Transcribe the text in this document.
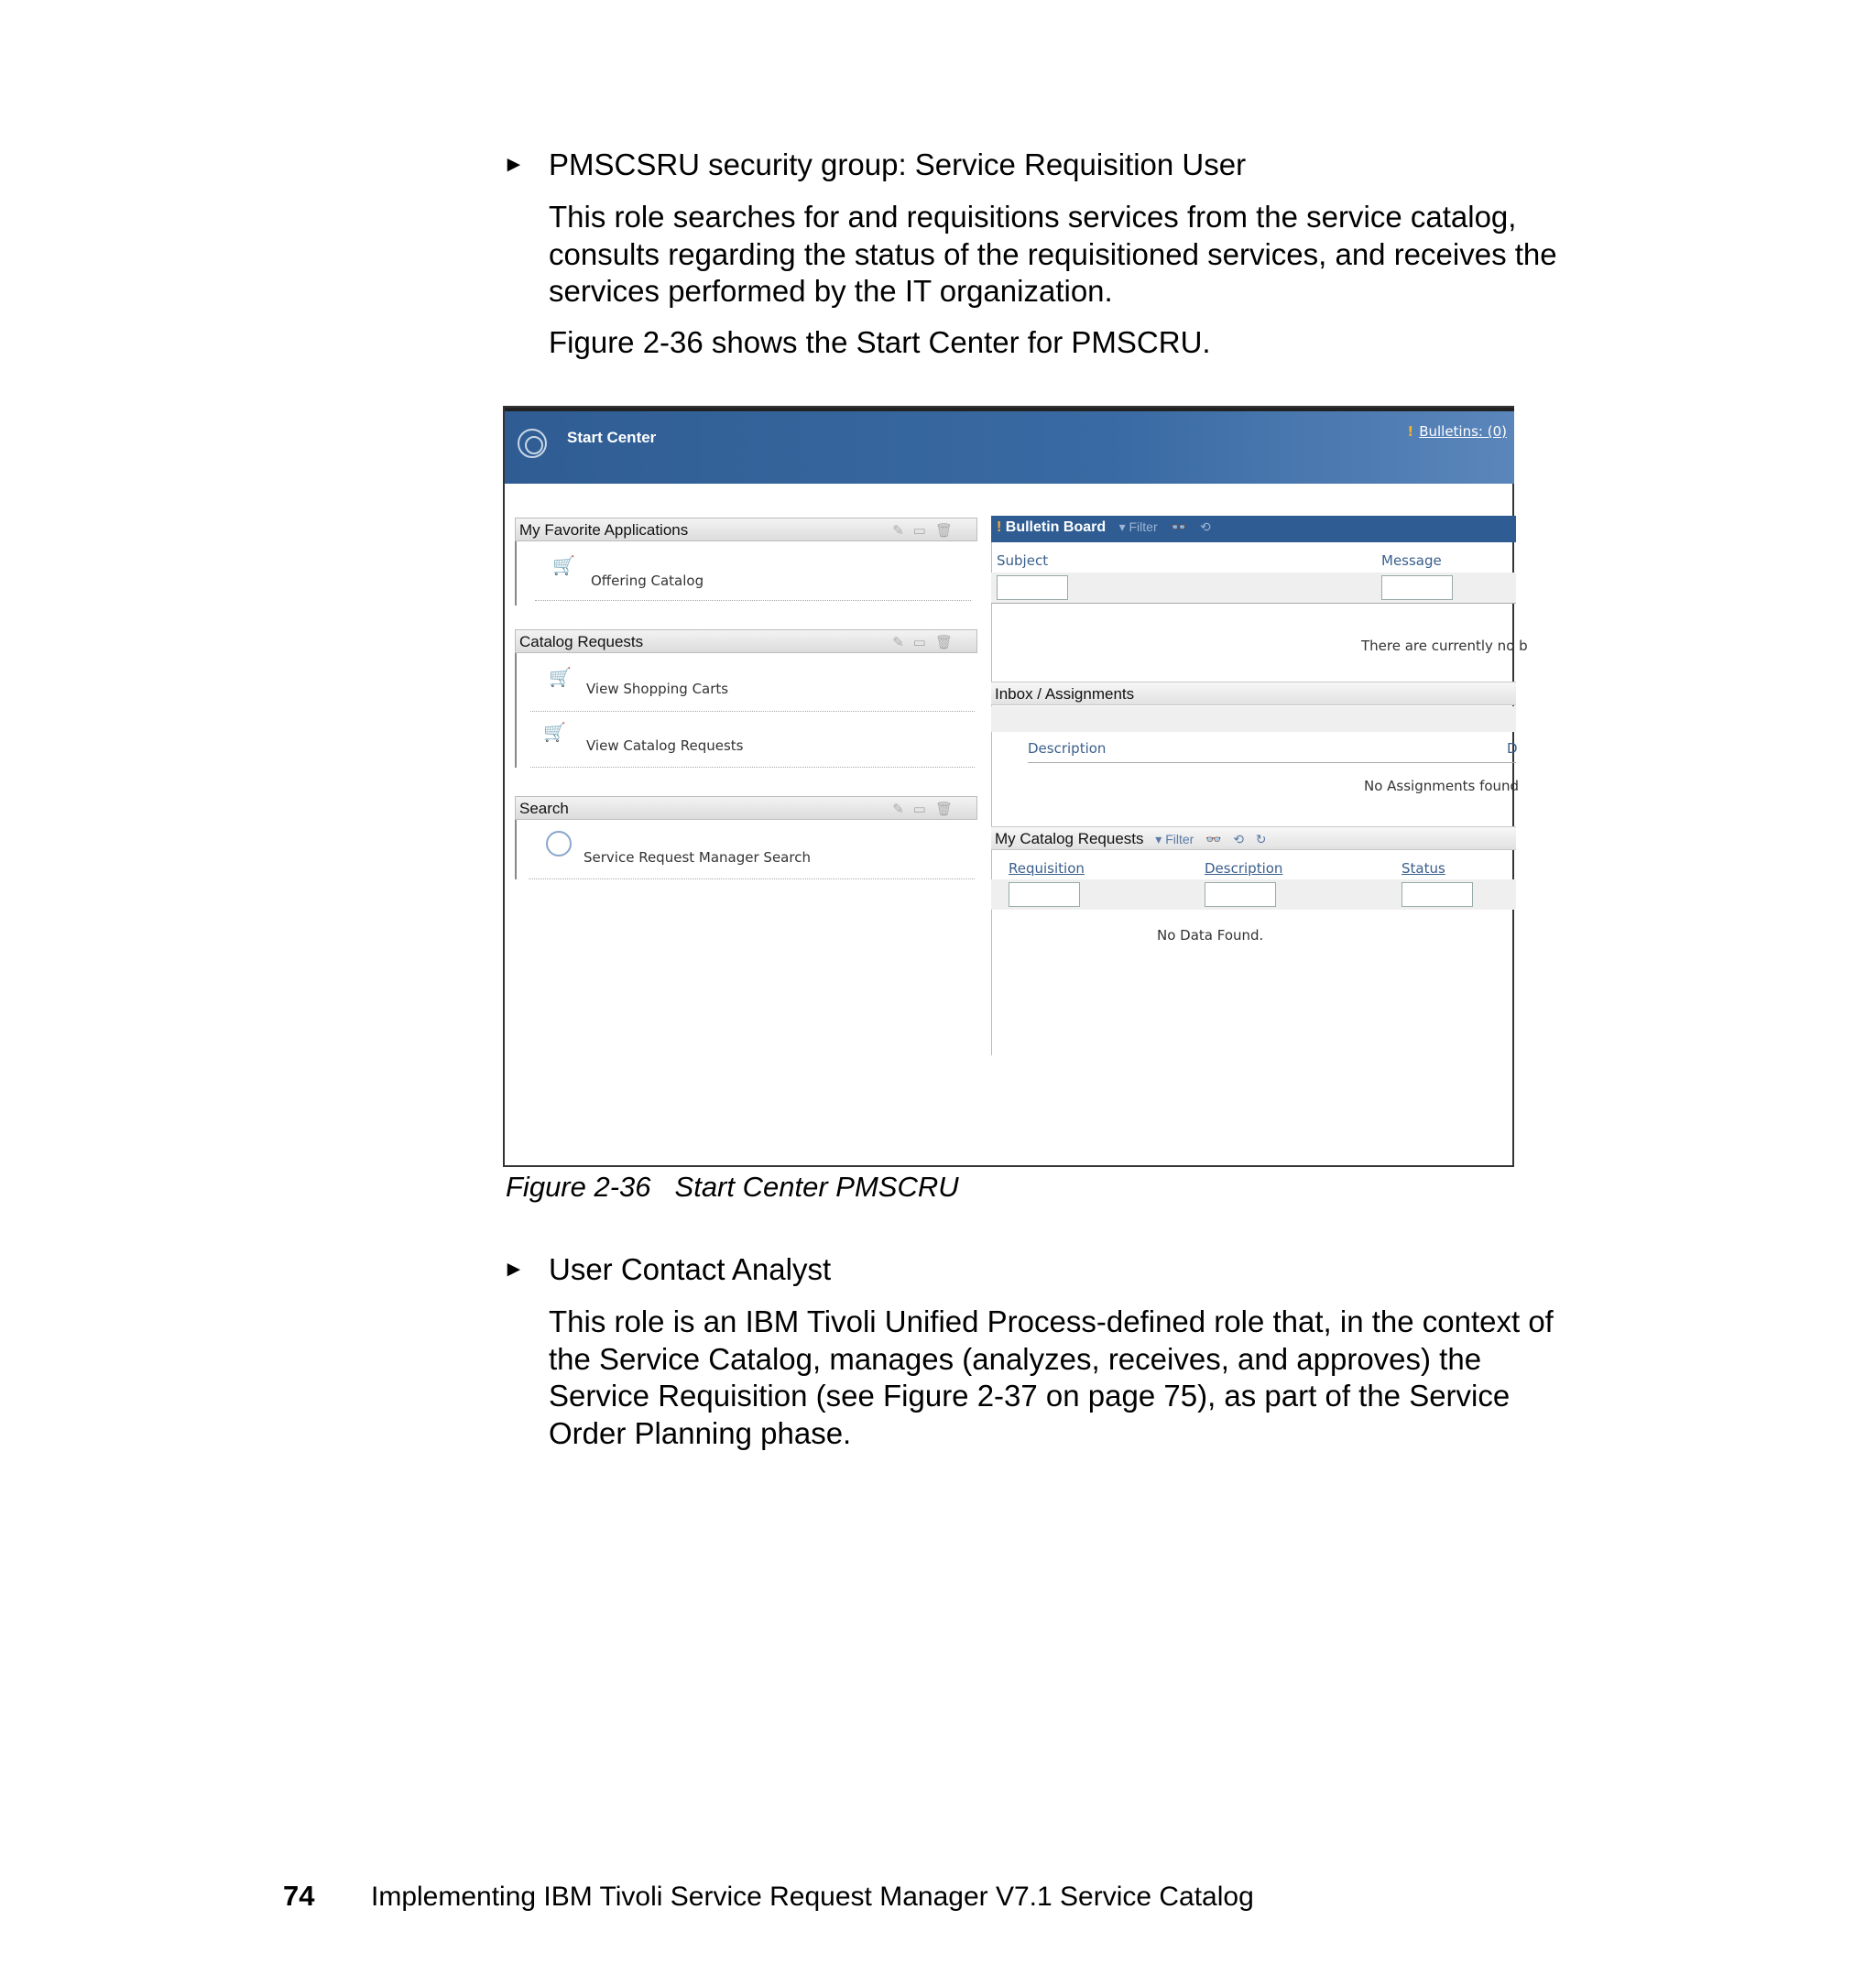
► PMSCSRU security group: Service Requisition User
This role searches for and requisitions services from the service catalog,
consults regarding the status of the requisitioned services, and receives the
services performed by the IT organization.
Figure 2-36 shows the Start Center for PMSCRU.
Start Center	! Bulletins: (0)
My Favorite Applications	✎▭🗑
🛒
Offering Catalog
Catalog Requests	✎▭🗑
🛒
View Shopping Carts
🛒
View Catalog Requests
Search	✎▭🗑
Service Request Manager Search
! Bulletin Board ▾ Filter 👓 ⟲
Subject	Message
There are currently no b
Inbox / Assignments
Description	D
No Assignments found
My Catalog Requests ▾ Filter 👓 ⟲ ↻
Requisition	Description	Status
No Data Found.
Figure 2-36 Start Center PMSCRU
► User Contact Analyst
This role is an IBM Tivoli Unified Process-defined role that, in the context of
the Service Catalog, manages (analyzes, receives, and approves) the
Service Requisition (see Figure 2-37 on page 75), as part of the Service
Order Planning phase.
74 Implementing IBM Tivoli Service Request Manager V7.1 Service Catalog
